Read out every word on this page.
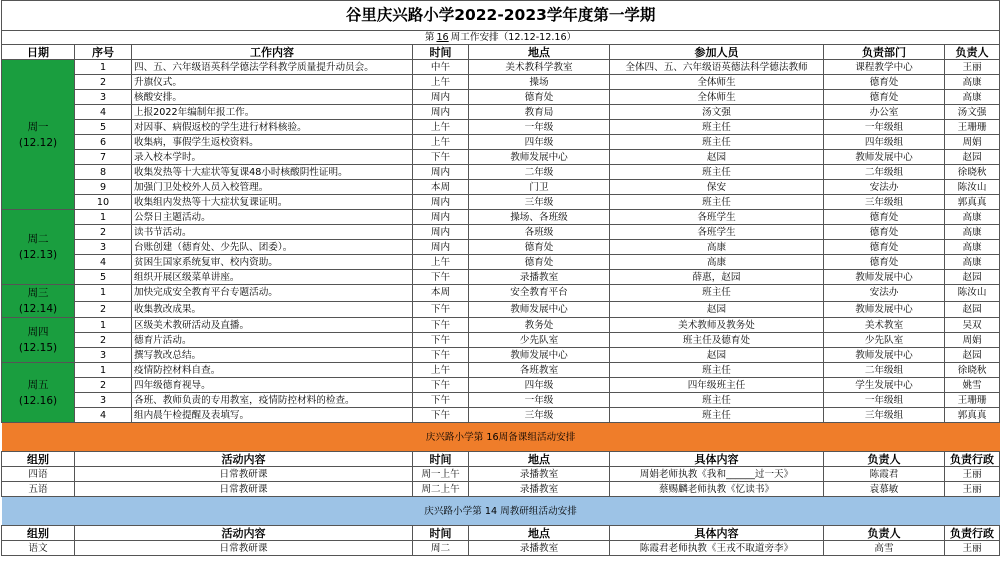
谷里庆兴路小学2022-2023学年度第一学期							
第 16 周工作安排（12.12-12.16）							
日期	序号	工作内容	时间	地点	参加人员	负责部门	负责人

周一
(12.12)	1	四、五、六年级语英科学德法学科教学质量提升动员会。	中午	美术教科学教室	全体四、五、六年级语英德法科学德法教师	课程教学中心	王丽
	2	升旗仪式。	上午	操场	全体师生	德育处	高康
	3	核酸安排。	周内	德育处	全体师生	德育处	高康
	4	上报2022年编制年报工作。	周内	教育局	汤文强	办公室	汤文强
	5	对因事、病假返校的学生进行材料核验。	上午	一年级	班主任	一年级组	王珊珊
	6	收集病，事假学生返校资料。	上午	四年级	班主任	四年级组	周娟
	7	录入校本学时。	下午	教师发展中心	赵园	教师发展中心	赵园
	8	收集发热等十大症状等复课48小时核酸阴性证明。	周内	二年级	班主任	二年级组	徐晓秋
	9	加强门卫处校外人员入校管理。	本周	门卫	保安	安法办	陈汝山
	10	收集组内发热等十大症状复课证明。	周内	三年级	班主任	三年级组	郭真真

周二
(12.13)	1	公祭日主题活动。	周内	操场、各班级	各班学生	德育处	高康
	2	读书节活动。	周内	各班级	各班学生	德育处	高康
	3	台账创建（德育处、少先队、团委）。	周内	德育处	高康	德育处	高康
	4	贫困生国家系统复审、校内资助。	上午	德育处	高康	德育处	高康
	5	组织开展区级菜单讲座。	下午	录播教室	薛惠，赵园	教师发展中心	赵园

周三
(12.14)	1	加快完成安全教育平台专题活动。	本周	安全教育平台	班主任	安法办	陈汝山
	2	收集教改成果。	下午	教师发展中心	赵园	教师发展中心	赵园

周四
(12.15)	1	区级美术教研活动及直播。	下午	教务处	美术教师及教务处	美术教室	吴双
	2	德育片活动。	下午	少先队室	班主任及德育处	少先队室	周娟
	3	撰写教改总结。	下午	教师发展中心	赵园	教师发展中心	赵园

周五
(12.16)	1	疫情防控材料自查。	上午	各班教室	班主任	二年级组	徐晓秋
	2	四年级德育视导。	下午	四年级	四年级班主任	学生发展中心	姚雪
	3	各班、教师负责的专用教室，疫情防控材料的检查。	下午	一年级	班主任	一年级组	王珊珊
	4	组内晨午检提醒及表填写。	下午	三年级	班主任	三年级组	郭真真
庆兴路小学第 16周备课组活动安排							
组别	活动内容		时间	地点	具体内容	负责人	负责行政
四语	日常教研课		周一上午	录播教室	周娟老师执教《我和______过一天》	陈霞君	王丽
五语	日常教研课		周二上午	录播教室	蔡赐麟老师执教《忆读书》	袁慕敏	王丽
庆兴路小学第 14 周教研组活动安排							
组别	活动内容		时间	地点	具体内容	负责人	负责行政
语文	日常教研课		周二	录播教室	陈霞君老师执教《王戎不取道旁李》	高雪	王丽
